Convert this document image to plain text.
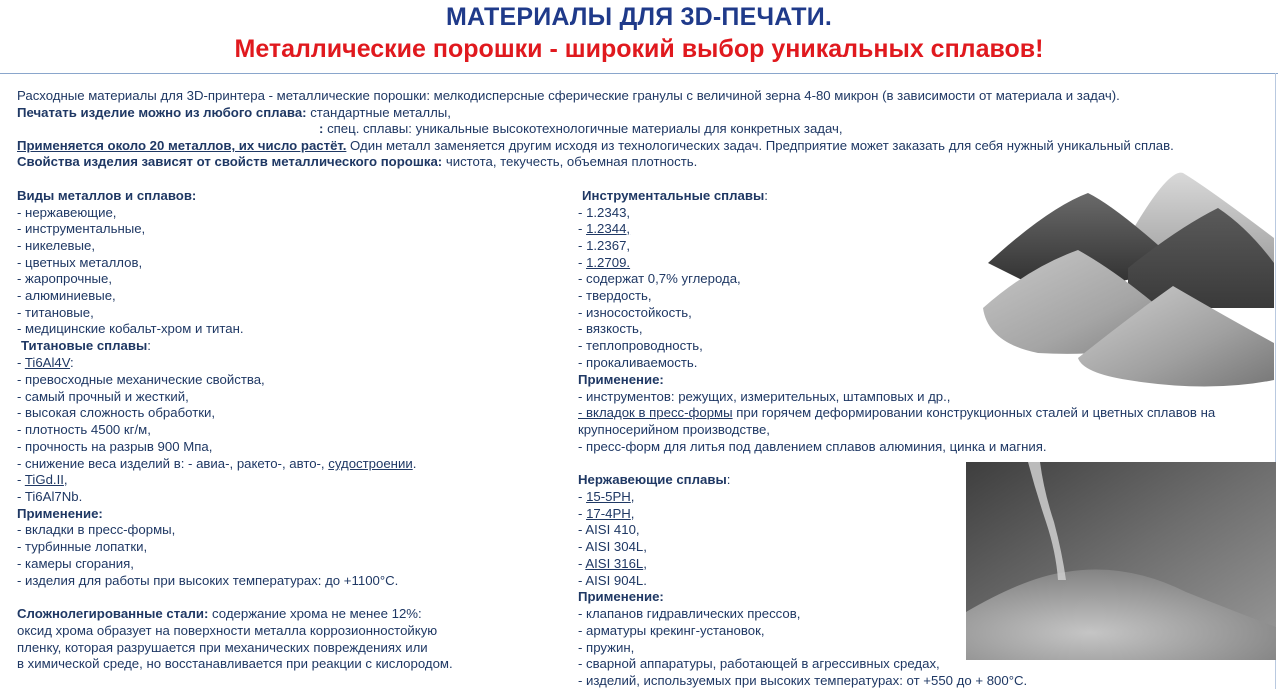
МАТЕРИАЛЫ ДЛЯ 3D-ПЕЧАТИ.
Металлические порошки - широкий выбор уникальных сплавов!
Расходные материалы для 3D-принтера - металлические порошки: мелкодисперсные сферические гранулы с величиной зерна 4-80 микрон (в зависимости от материала и задач).
Печатать изделие можно из любого сплава: стандартные металлы,
: спец. сплавы: уникальные высокотехнологичные материалы для конкретных задач,
Применяется около 20 металлов, их число растёт. Один металл заменяется другим исходя из технологических задач. Предприятие может заказать для себя нужный уникальный сплав.
Свойства изделия зависят от свойств металлического порошка: чистота, текучесть, объемная плотность.
Виды металлов и сплавов:
- нержавеющие,
- инструментальные,
- никелевые,
- цветных металлов,
- алюминиевые,
- жаропрочные,
- титановые,
- медицинские кобальт-хром и титан.
Титановые сплавы:
- Ti6Al4V:
- превосходные механические свойства,
- самый прочный и жесткий,
- высокая сложность обработки,
- плотность 4500 кг/м,
- прочность на разрыв 900 Мпа,
- снижение веса изделий в: - авиа-, ракето-, авто-, судостроении.
- TiGd.II,
- Ti6Al7Nb.
Применение:
- вкладки в пресс-формы,
- турбинные лопатки,
- камеры сгорания,
- изделия для работы при высоких температурах: до +1100°С.
Сложнолегированные стали: содержание хрома не менее 12%:
оксид хрома образует на поверхности металла коррозионностойкую
пленку, которая разрушается при механических повреждениях или
в химической среде, но восстанавливается при реакции с кислородом.
Инструментальные сплавы:
- 1.2343,
- 1.2344,
- 1.2367,
- 1.2709.
- содержат 0,7% углерода,
- твердость,
- износостойкость,
- вязкость,
- теплопроводность,
- прокаливаемость.
Применение:
- инструментов: режущих, измерительных, штамповых и др.,
- вкладок в пресс-формы при горячем деформировании конструкционных сталей и цветных сплавов на
крупносерийном производстве,
- пресс-форм для литья под давлением сплавов алюминия, цинка и магния.
Нержавеющие сплавы:
- 15-5PH,
- 17-4PH,
- AISI 410,
- AISI 304L,
- AISI 316L,
- AISI 904L.
Применение:
- клапанов гидравлических прессов,
- арматуры крекинг-установок,
- пружин,
- сварной аппаратуры, работающей в агрессивных средах,
- изделий, используемых при высоких температурах: от +550 до + 800°С.
